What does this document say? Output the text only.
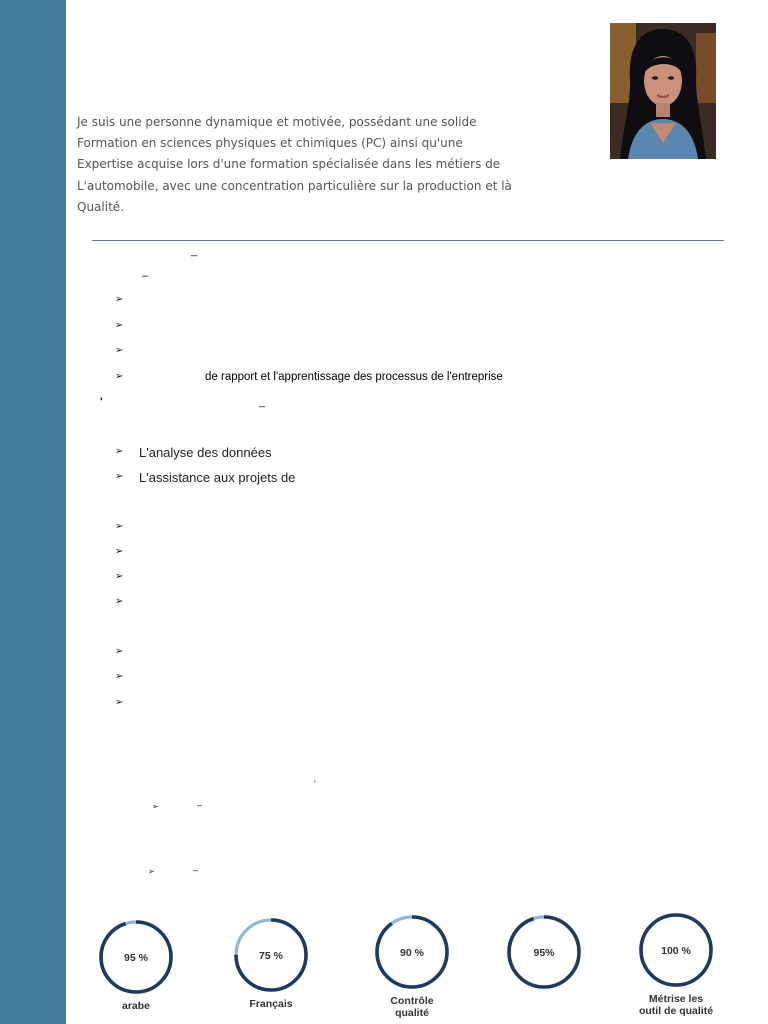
Je suis une personne dynamique et motivée, possédant une solide
Formation en sciences physiques et chimiques (PC) ainsi qu'une
Expertise acquise lors d'une formation spécialisée dans les métiers de
L'automobile, avec une concentration particulière sur la production et là
Qualité.
_
–
➢
➢
➢
➢	de rapport et l'apprentissage des processus de l'entreprise
'	_
➢ L'analyse des données
➢ L'assistance aux projets de
➢
➢
➢
➢
➢
➢
➢
'
➢	–
➢	–
95 %
arabe
75 %
Français
90 %
Contrôle qualité
95%	100 %
Métrise les outil de qualité
